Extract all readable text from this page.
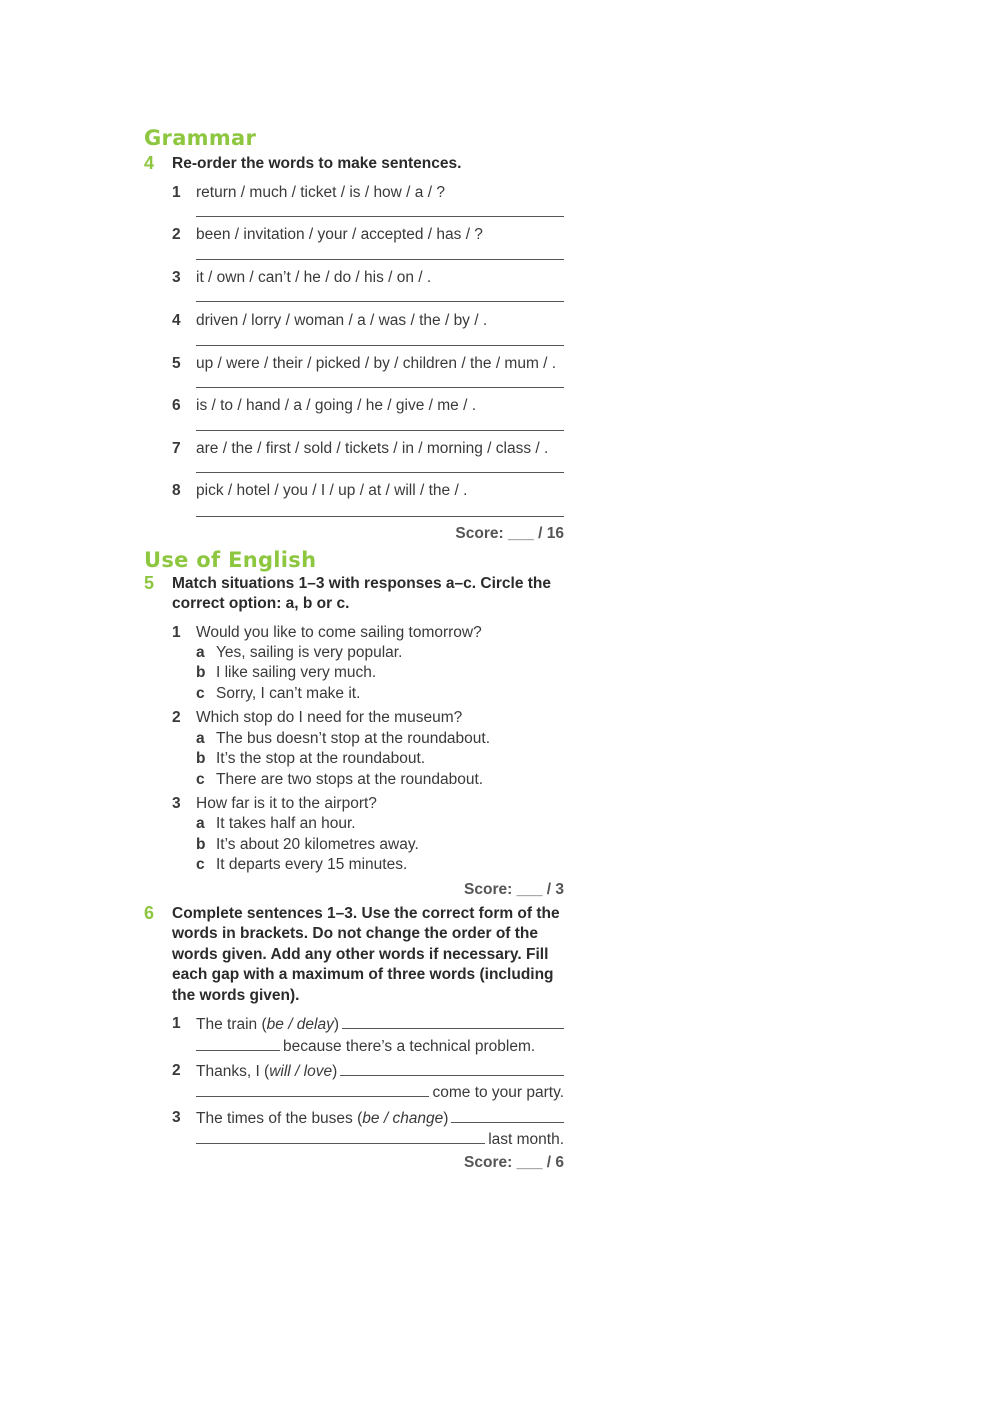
Grammar
4 Re-order the words to make sentences.
1 return / much / ticket / is / how / a / ?
2 been / invitation / your / accepted / has / ?
3 it / own / can’t / he / do / his / on / .
4 driven / lorry / woman / a / was / the / by / .
5 up / were / their / picked / by / children / the / mum / .
6 is / to / hand / a / going / he / give / me / .
7 are / the / first / sold / tickets / in / morning / class / .
8 pick / hotel / you / I / up / at / will / the / .
Score: ___ / 16
Use of English
5 Match situations 1–3 with responses a–c. Circle the correct option: a, b or c.
1 Would you like to come sailing tomorrow?
a Yes, sailing is very popular.
b I like sailing very much.
c Sorry, I can’t make it.
2 Which stop do I need for the museum?
a The bus doesn’t stop at the roundabout.
b It’s the stop at the roundabout.
c There are two stops at the roundabout.
3 How far is it to the airport?
a It takes half an hour.
b It’s about 20 kilometres away.
c It departs every 15 minutes.
Score: ___ / 3
6 Complete sentences 1–3. Use the correct form of the words in brackets. Do not change the order of the words given. Add any other words if necessary. Fill each gap with a maximum of three words (including the words given).
1 The train ( be / delay )
because there’s a technical problem.
2 Thanks, I ( will / love )
come to your party.
3 The times of the buses ( be / change )
last month.
Score: ___ / 6
